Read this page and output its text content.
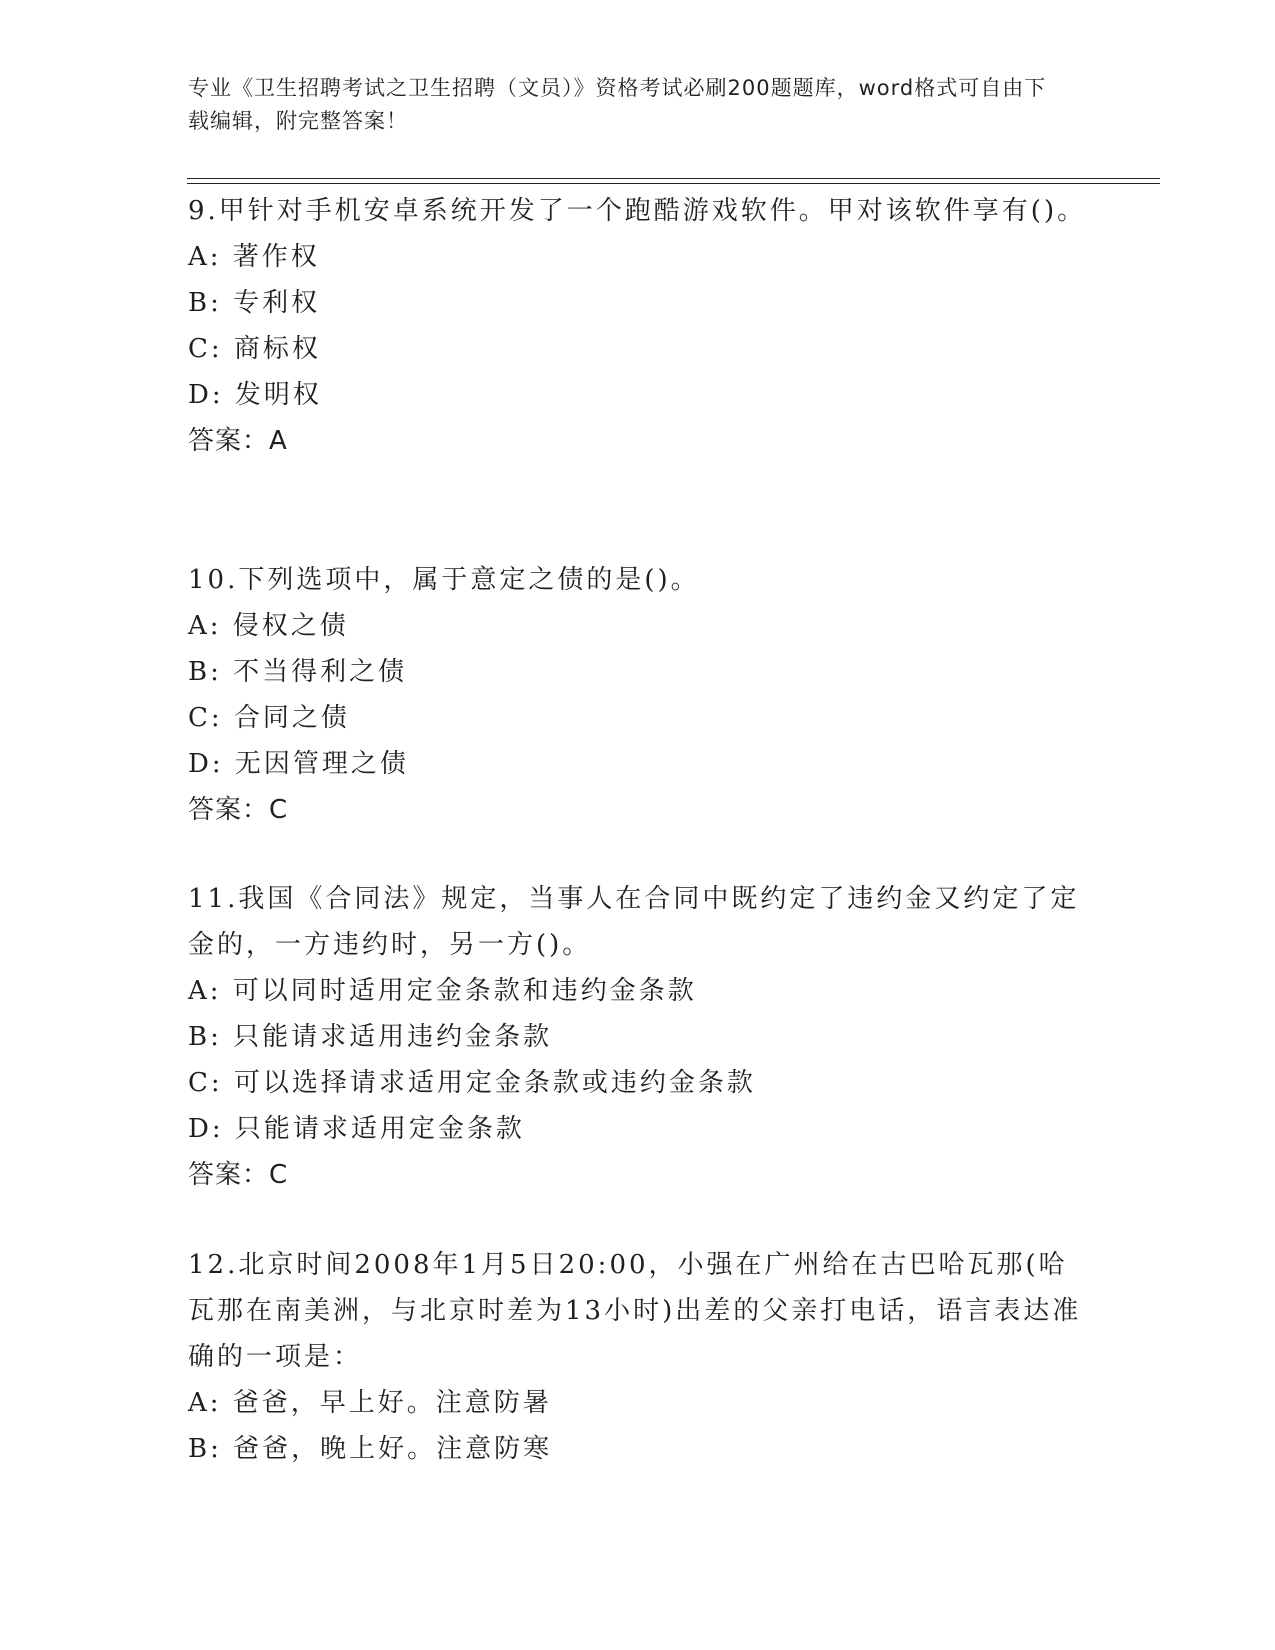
专业《卫生招聘考试之卫生招聘（文员）》资格考试必刷200题题库，word格式可自由下载编辑，附完整答案！
9.甲针对手机安卓系统开发了一个跑酷游戏软件。甲对该软件享有()。
A: 著作权
B: 专利权
C: 商标权
D: 发明权
答案：A
10.下列选项中，属于意定之债的是()。
A: 侵权之债
B: 不当得利之债
C: 合同之债
D: 无因管理之债
答案：C
11.我国《合同法》规定，当事人在合同中既约定了违约金又约定了定金的，一方违约时，另一方()。
A: 可以同时适用定金条款和违约金条款
B: 只能请求适用违约金条款
C: 可以选择请求适用定金条款或违约金条款
D: 只能请求适用定金条款
答案：C
12.北京时间2008年1月5日20:00，小强在广州给在古巴哈瓦那(哈瓦那在南美洲，与北京时差为13小时)出差的父亲打电话，语言表达准确的一项是：
A: 爸爸，早上好。注意防暑
B: 爸爸，晚上好。注意防寒
